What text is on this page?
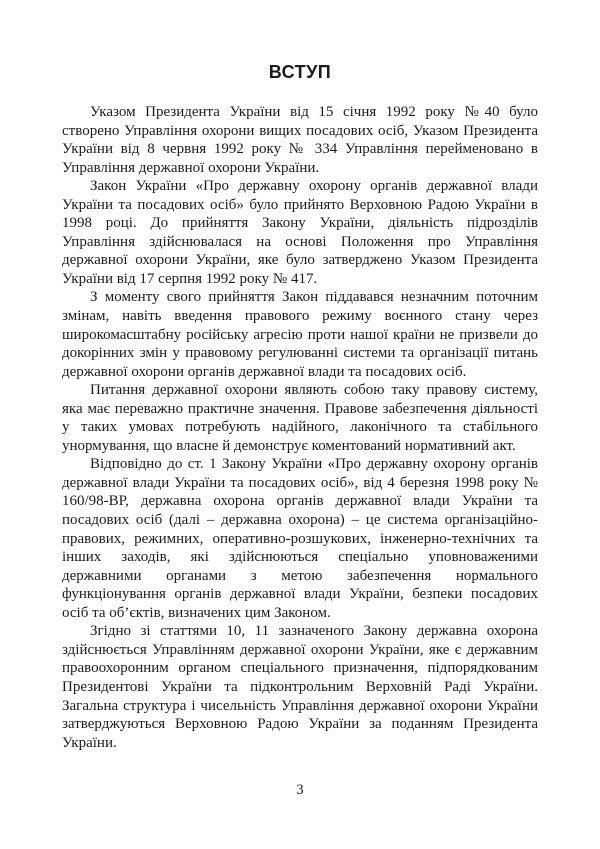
ВСТУП

Указом Президента України від 15 січня 1992 року №40 було створено Управління охорони вищих посадових осіб, Указом Президента України від 8 червня 1992 року № 334 Управління перейменовано в Управління державної охорони України.

Закон України «Про державну охорону органів державної влади України та посадових осіб» було прийнято Верховною Радою України в 1998 році. До прийняття Закону України, діяльність підрозділів Управління здійснювалася на основі Положення про Управління державної охорони України, яке було затверджено Указом Президента України від 17 серпня 1992 року № 417.

З моменту свого прийняття Закон піддавався незначним поточним змінам, навіть введення правового режиму воєнного стану через широкомасштабну російську агресію проти нашої країни не призвели до докорінних змін у правовому регулюванні системи та організації питань державної охорони органів державної влади та посадових осіб.

Питання державної охорони являють собою таку правову систему, яка має переважно практичне значення. Правове забезпечення діяльності у таких умовах потребують надійного, лаконічного та стабільного унормування, що власне й демонструє коментований нормативний акт.

Відповідно до ст. 1 Закону України «Про державну охорону органів державної влади України та посадових осіб», від 4 березня 1998 року № 160/98-ВР, державна охорона органів державної влади України та посадових осіб (далі – державна охорона) – це система організаційно-правових, режимних, оперативно-розшукових, інженерно-технічних та інших заходів, які здійснюються спеціально уповноваженими державними органами з метою забезпечення нормального функціонування органів державної влади України, безпеки посадових осіб та об’єктів, визначених цим Законом.

Згідно зі статтями 10, 11 зазначеного Закону державна охорона здійснюється Управлінням державної охорони України, яке є державним правоохоронним органом спеціального призначення, підпорядкованим Президентові України та підконтрольним Верховній Раді України. Загальна структура і чисельність Управління державної охорони України затверджуються Верховною Радою України за поданням Президента України.

3
